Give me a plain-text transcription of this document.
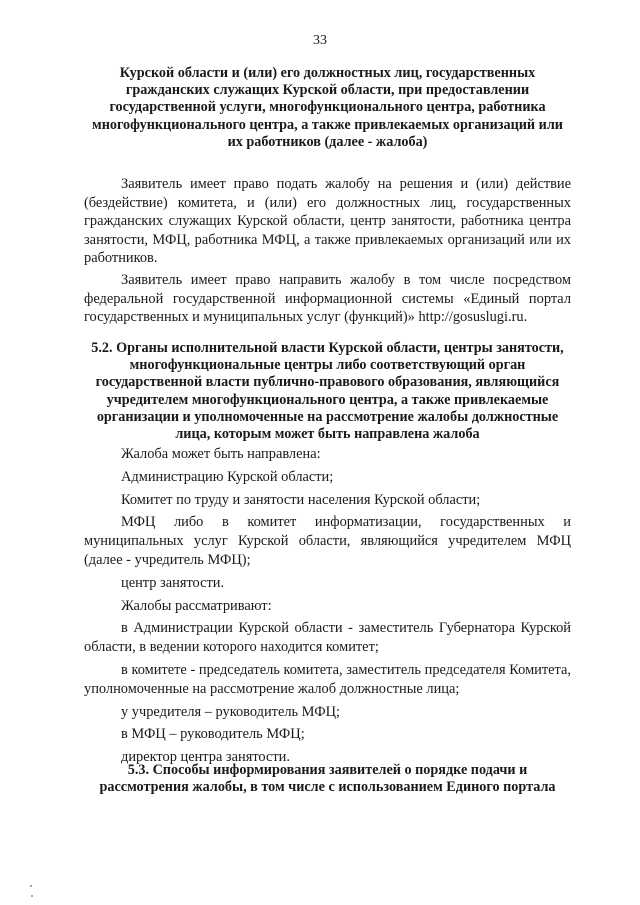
33
Курской области и (или) его должностных лиц, государственных гражданских служащих Курской области, при предоставлении государственной услуги, многофункционального центра, работника многофункционального центра, а также привлекаемых организаций или их работников (далее - жалоба)

Заявитель имеет право подать жалобу на решения и (или) действие (бездействие) комитета, и (или) его должностных лиц, государственных гражданских служащих Курской области, центр занятости, работника центра занятости, МФЦ, работника МФЦ, а также привлекаемых организаций или их работников.

Заявитель имеет право направить жалобу в том числе посредством федеральной государственной информационной системы «Единый портал государственных и муниципальных услуг (функций)» http://gosuslugi.ru.

5.2. Органы исполнительной власти Курской области, центры занятости, многофункциональные центры либо соответствующий орган государственной власти публично-правового образования, являющийся учредителем многофункционального центра, а также привлекаемые организации и уполномоченные на рассмотрение жалобы должностные лица, которым может быть направлена жалоба

Жалоба может быть направлена:

Администрацию Курской области;

Комитет по труду и занятости населения Курской области;

МФЦ либо в комитет информатизации, государственных и муниципальных услуг Курской области, являющийся учредителем МФЦ (далее - учредитель МФЦ);

центр занятости.

Жалобы рассматривают:

в Администрации Курской области - заместитель Губернатора Курской области, в ведении которого находится комитет;

в комитете - председатель комитета, заместитель председателя Комитета, уполномоченные на рассмотрение жалоб должностные лица;

у учредителя – руководитель МФЦ;

в МФЦ – руководитель МФЦ;

директор центра занятости.

5.3. Способы информирования заявителей о порядке подачи и рассмотрения жалобы, в том числе с использованием Единого портала
